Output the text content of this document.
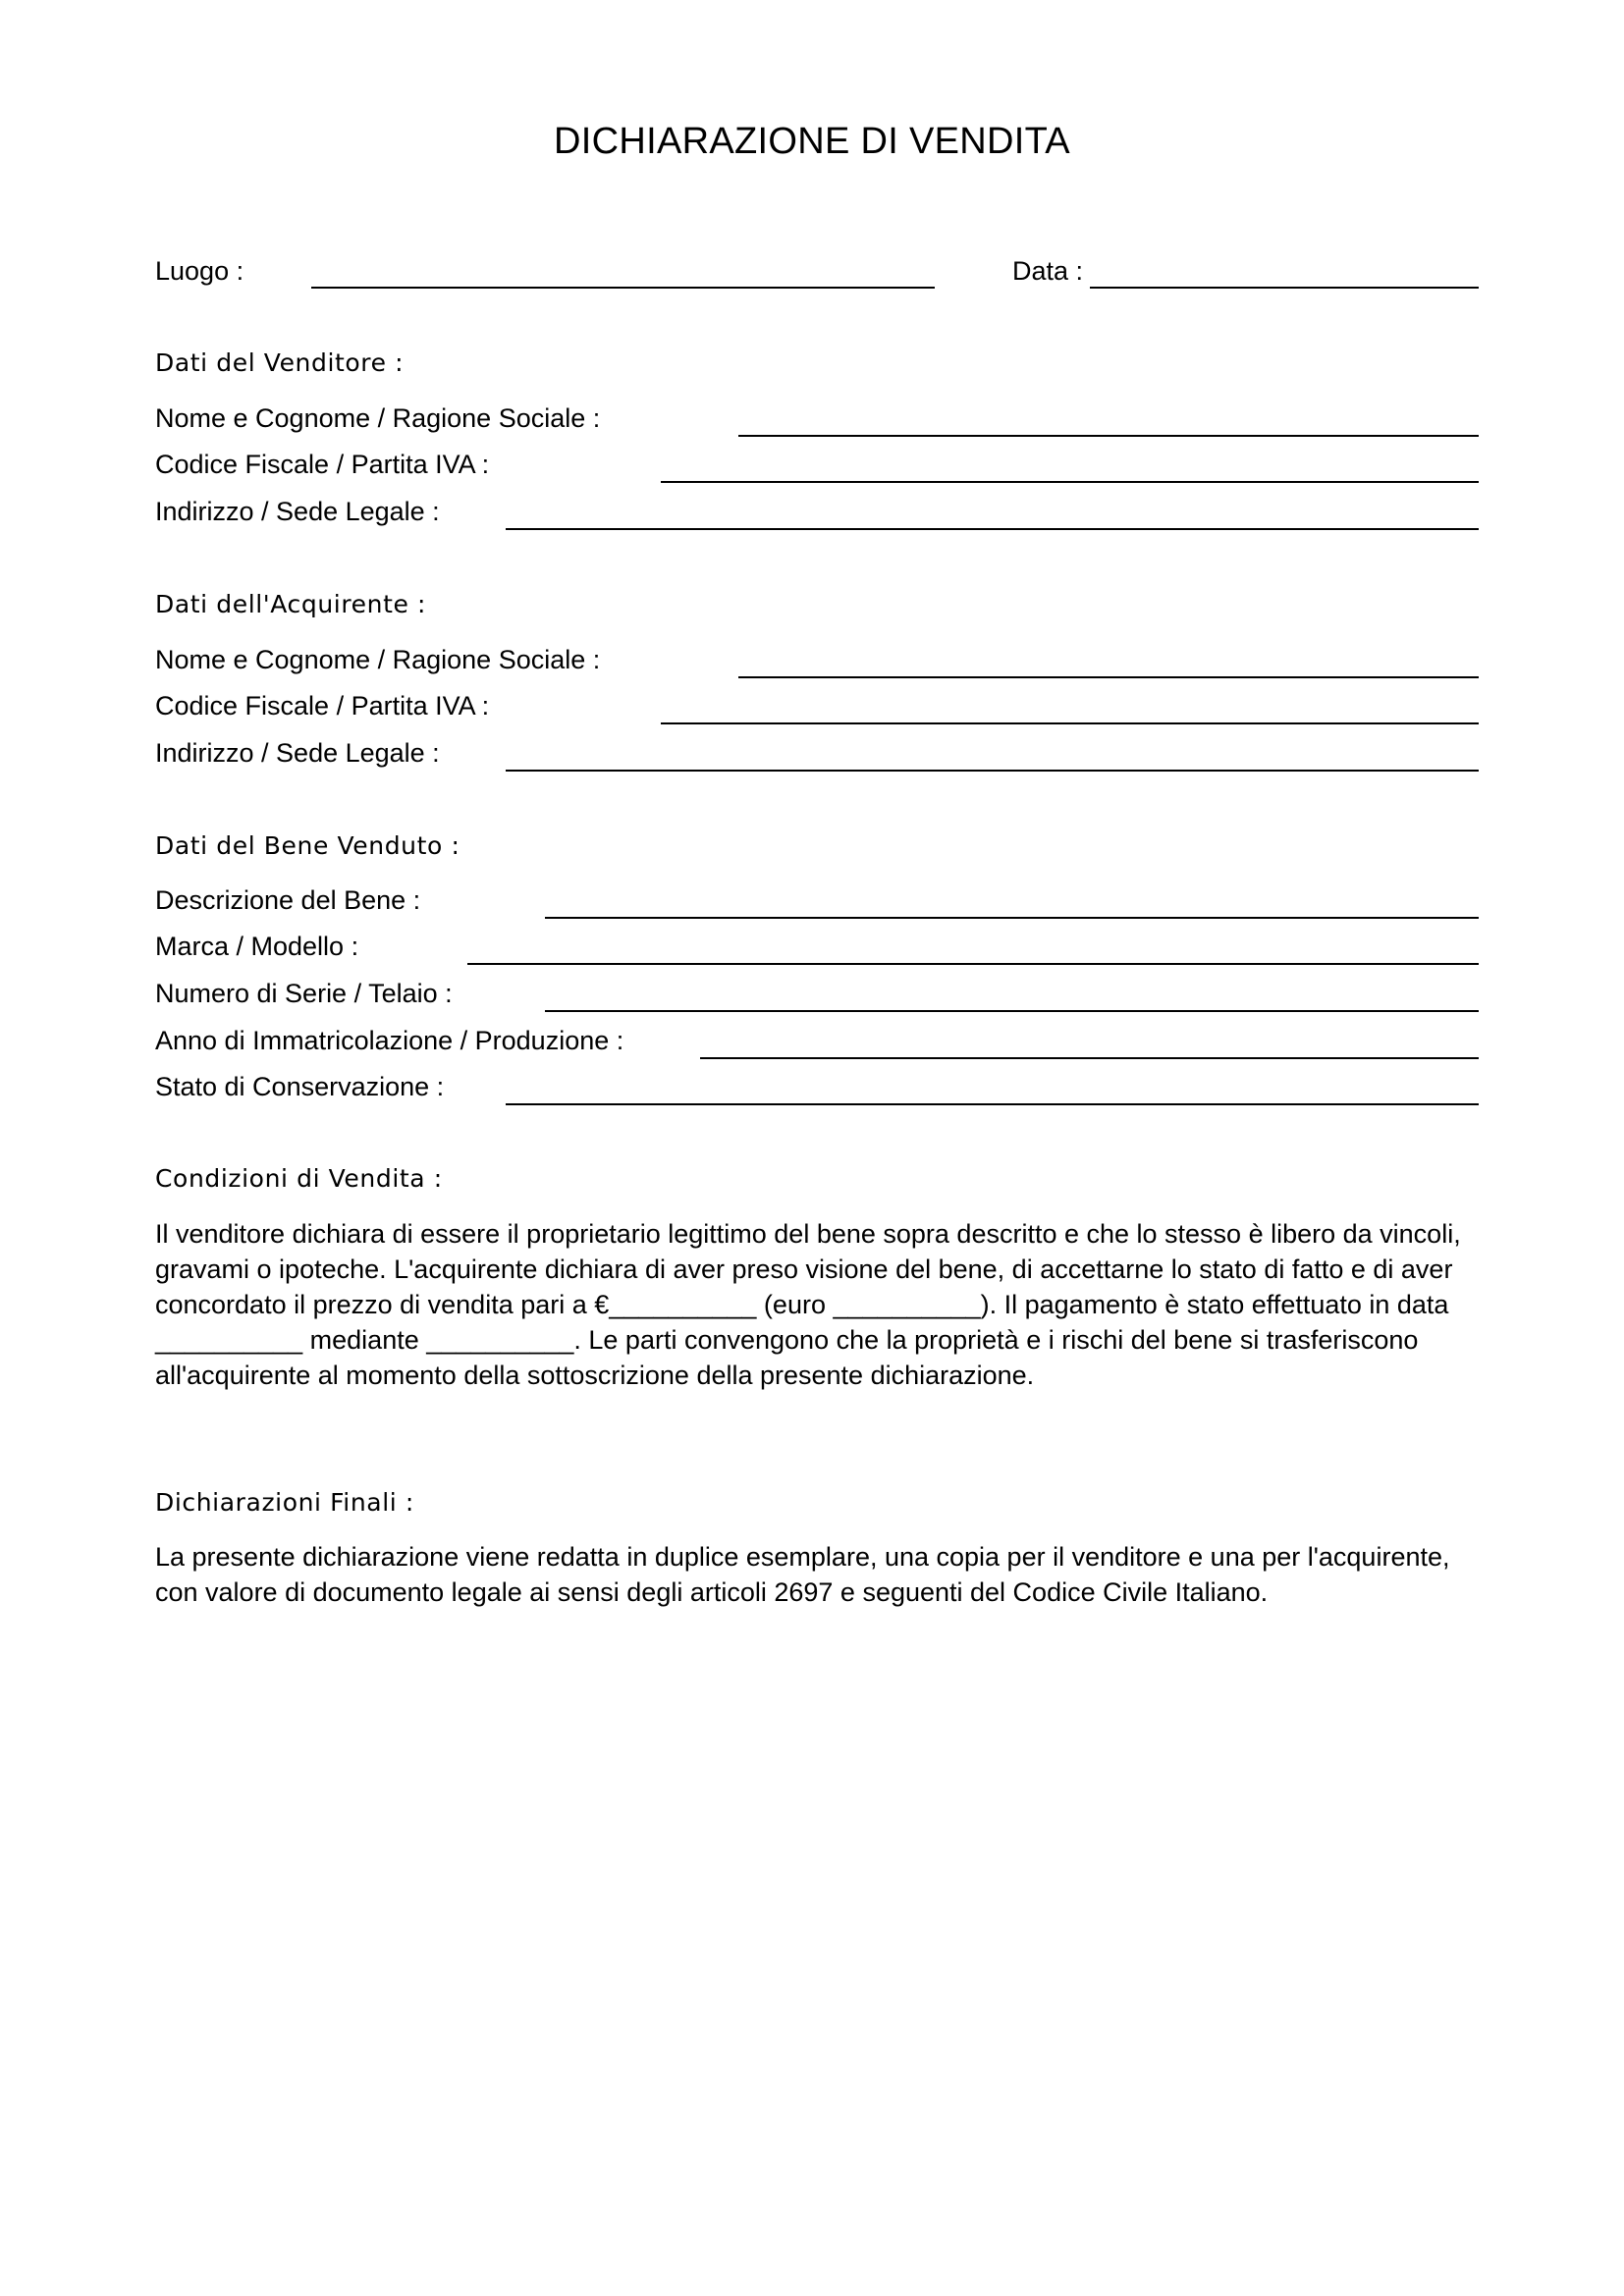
DICHIARAZIONE DI VENDITA
Luogo :	Data :
Dati del Venditore :
Nome e Cognome / Ragione Sociale :
Codice Fiscale / Partita IVA :
Indirizzo / Sede Legale :
Dati dell'Acquirente :
Nome e Cognome / Ragione Sociale :
Codice Fiscale / Partita IVA :
Indirizzo / Sede Legale :
Dati del Bene Venduto :
Descrizione del Bene :
Marca / Modello :
Numero di Serie / Telaio :
Anno di Immatricolazione / Produzione :
Stato di Conservazione :
Condizioni di Vendita :

Il venditore dichiara di essere il proprietario legittimo del bene sopra descritto e che lo stesso è libero da vincoli, gravami o ipoteche. L'acquirente dichiara di aver preso visione del bene, di accettarne lo stato di fatto e di aver concordato il prezzo di vendita pari a €__________ (euro __________). Il pagamento è stato effettuato in data __________ mediante __________. Le parti convengono che la proprietà e i rischi del bene si trasferiscono all'acquirente al momento della sottoscrizione della presente dichiarazione.

Dichiarazioni Finali :

La presente dichiarazione viene redatta in duplice esemplare, una copia per il venditore e una per l'acquirente, con valore di documento legale ai sensi degli articoli 2697 e seguenti del Codice Civile Italiano.
